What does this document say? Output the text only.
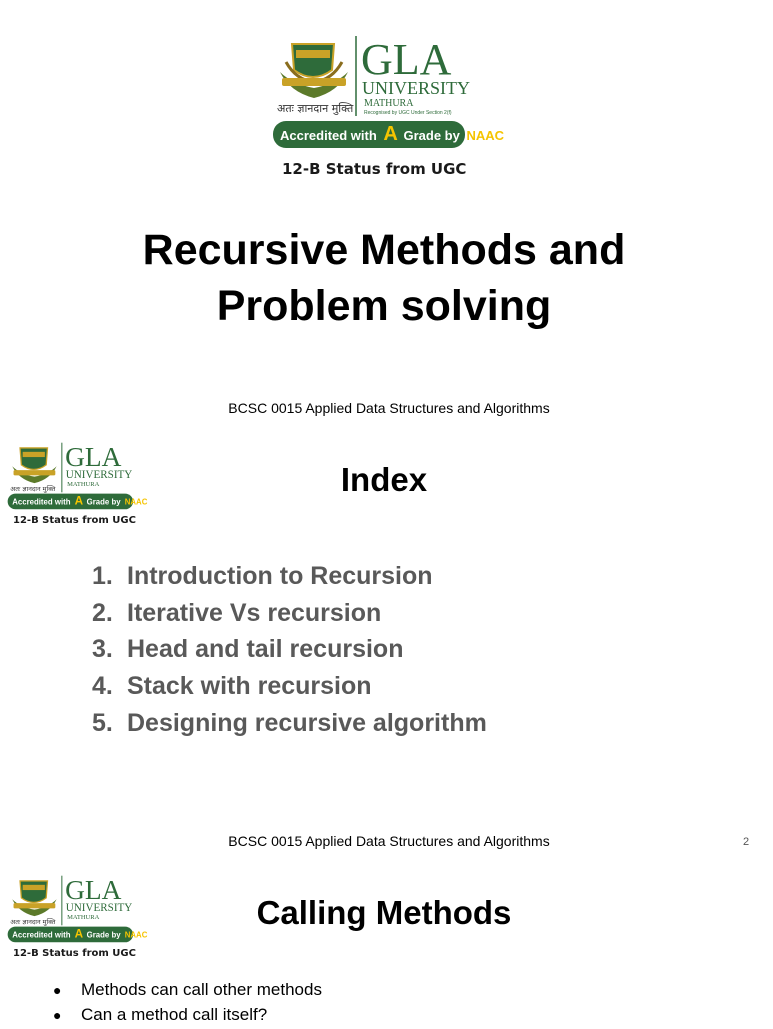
अतः ज्ञानदान मुक्ति
GLA
UNIVERSITY
MATHURA
Recognised by UGC Under Section 2(f)
Accredited with A Grade by NAAC
12-B Status from UGC
Recursive Methods and
Problem solving
BCSC 0015 Applied Data Structures and Algorithms
अतः ज्ञानदान मुक्ति
GLA
UNIVERSITY
MATHURA
Accredited with A Grade by NAAC
12-B Status from UGC
Index
1. Introduction to Recursion
2. Iterative Vs recursion
3. Head and tail recursion
4. Stack with recursion
5. Designing recursive algorithm
BCSC 0015 Applied Data Structures and Algorithms	2
अतः ज्ञानदान मुक्ति
GLA
UNIVERSITY
MATHURA
Accredited with A Grade by NAAC
12-B Status from UGC
Calling Methods
●	Methods can call other methods
●	Can a method call itself?
